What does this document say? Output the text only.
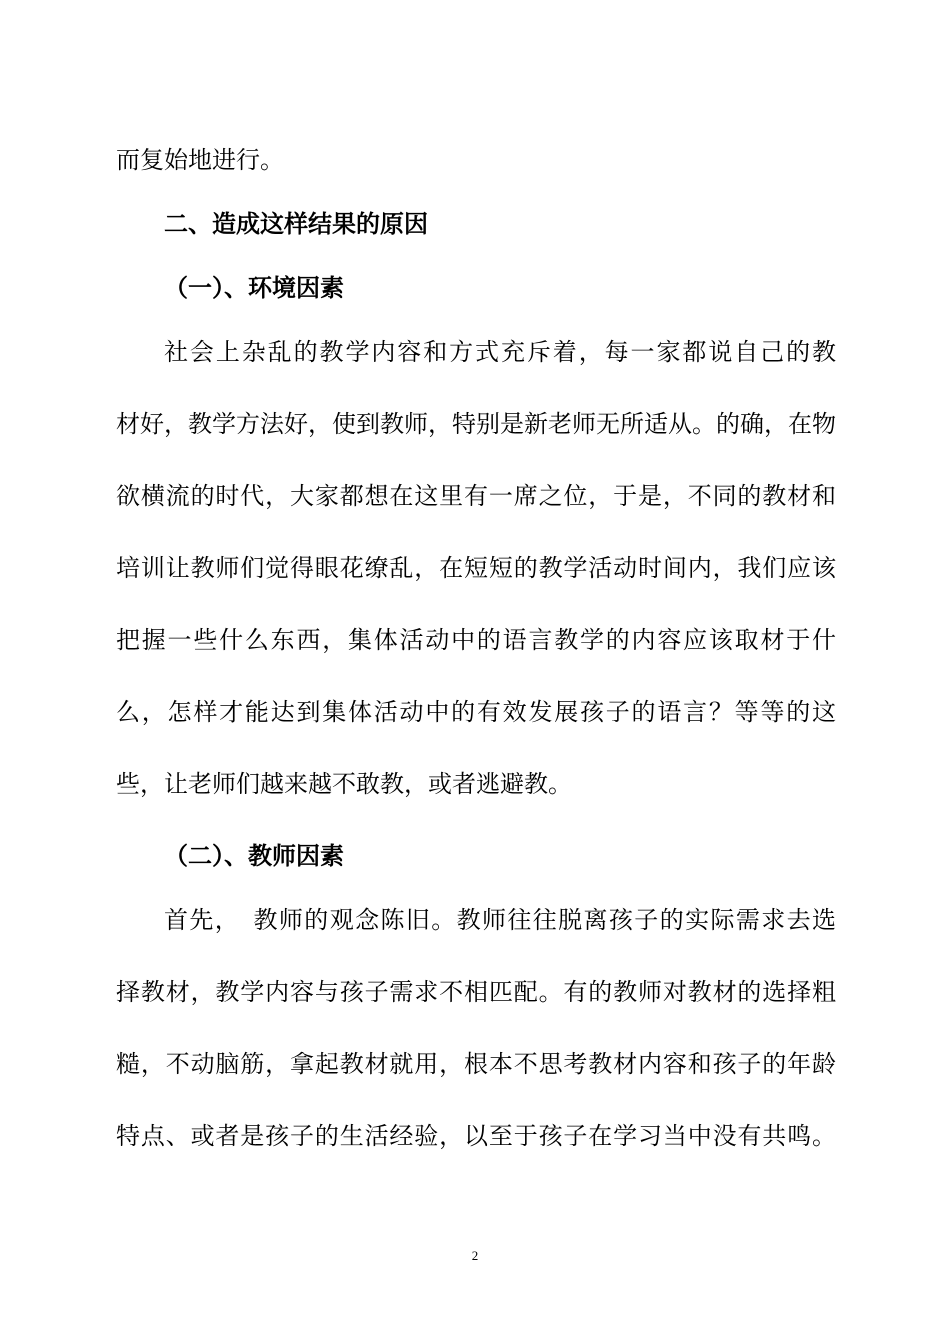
而复始地进行。
二、造成这样结果的原因
（一）、环境因素
社会上杂乱的教学内容和方式充斥着，每一家都说自己的教
材好，教学方法好，使到教师，特别是新老师无所适从。的确，在物
欲横流的时代，大家都想在这里有一席之位，于是，不同的教材和
培训让教师们觉得眼花缭乱，在短短的教学活动时间内，我们应该
把握一些什么东西，集体活动中的语言教学的内容应该取材于什
么，怎样才能达到集体活动中的有效发展孩子的语言？等等的这
些，让老师们越来越不敢教，或者逃避教。
（二）、教师因素
首先，　教师的观念陈旧。教师往往脱离孩子的实际需求去选
择教材，教学内容与孩子需求不相匹配。有的教师对教材的选择粗
糙，不动脑筋，拿起教材就用，根本不思考教材内容和孩子的年龄
特点、或者是孩子的生活经验，以至于孩子在学习当中没有共鸣。
2
